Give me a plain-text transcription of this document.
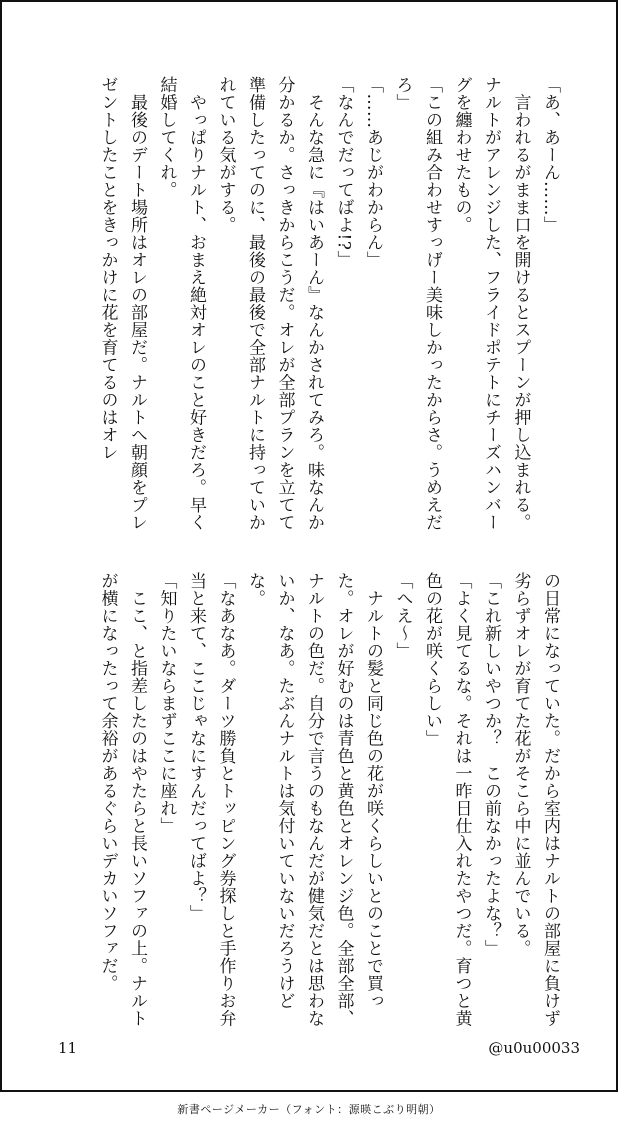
「あ、あーん……」

　言われるがまま口を開けるとスプーンが押し込まれる。ナルトがアレンジした、フライドポテトにチーズハンバーグを纏わせたもの。

「この組み合わせすっげー美味しかったからさ。うめえだろ」

「……あじがわからん」

「なんでだってばよ!?」

　そんな急に『はいあーん』なんかされてみろ。味なんか分かるか。さっきからこうだ。オレが全部プランを立てて準備したってのに、最後の最後で全部ナルトに持っていかれている気がする。

　やっぱりナルト、おまえ絶対オレのこと好きだろ。早く結婚してくれ。

　最後のデート場所はオレの部屋だ。ナルトへ朝顔をプレゼントしたことをきっかけに花を育てるのはオレ

の日常になっていた。だから室内はナルトの部屋に負けず劣らずオレが育てた花がそこら中に並んでいる。

「これ新しいやつか？　この前なかったよな？」

「よく見てるな。それは一昨日仕入れたやつだ。育つと黄色の花が咲くらしい」

「へえ～」

　ナルトの髪と同じ色の花が咲くらしいとのことで買った。オレが好むのは青色と黄色とオレンジ色。全部全部、ナルトの色だ。自分で言うのもなんだが健気だとは思わないか、なあ。たぶんナルトは気付いていないだろうけどな。

「なあなあ。ダーツ勝負とトッピング券探しと手作りお弁当と来て、ここじゃなにすんだってばよ？」

「知りたいならまずここに座れ」

　ここ、と指差したのはやたらと長いソファの上。ナルトが横になったって余裕があるぐらいデカいソファだ。

11	@u0u00033
新書ページメーカー（フォント：源暎こぶり明朝）
